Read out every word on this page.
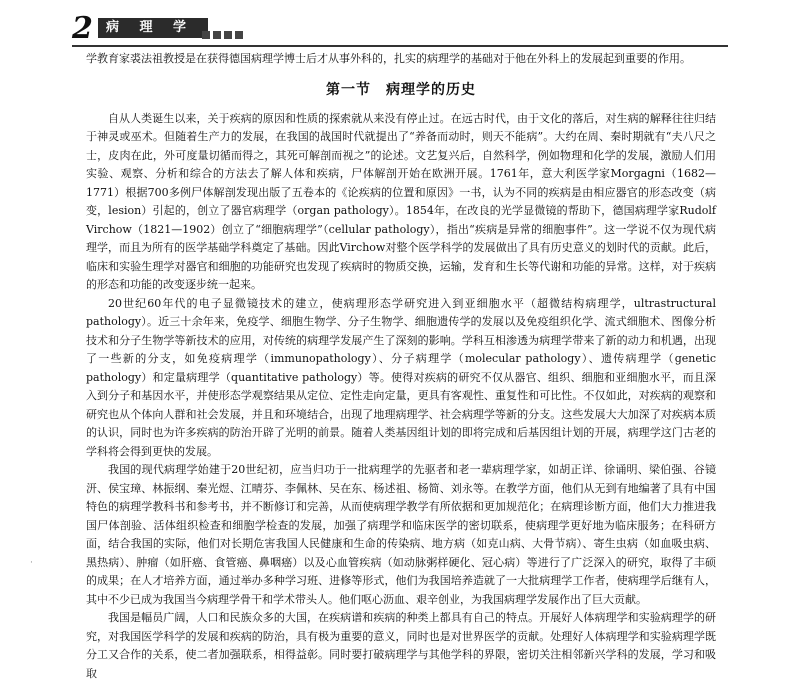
2	病 理 学

学教育家裘法祖教授是在获得德国病理学博士后才从事外科的，扎实的病理学的基础对于他在外科上的发展起到重要的作用。

第一节　病理学的历史

自从人类诞生以来，关于疾病的原因和性质的探索就从来没有停止过。在远古时代，由于文化的落后，对生病的解释往往归结于神灵或巫术。但随着生产力的发展，在我国的战国时代就提出了“养备而动时，则天不能病”。大约在周、秦时期就有“夫八尺之士，皮肉在此，外可度量切循而得之，其死可解剖而视之”的论述。文艺复兴后，自然科学，例如物理和化学的发展，激励人们用实验、观察、分析和综合的方法去了解人体和疾病，尸体解剖开始在欧洲开展。1761年，意大利医学家Morgagni（1682—1771）根据700多例尸体解剖发现出版了五卷本的《论疾病的位置和原因》一书，认为不同的疾病是由相应器官的形态改变（病变，lesion）引起的，创立了器官病理学（organ pathology）。1854年，在改良的光学显微镜的帮助下，德国病理学家Rudolf Virchow（1821—1902）创立了“细胞病理学”（cellular pathology），指出“疾病是异常的细胞事件”。这一学说不仅为现代病理学，而且为所有的医学基础学科奠定了基础。因此Virchow对整个医学科学的发展做出了具有历史意义的划时代的贡献。此后，临床和实验生理学对器官和细胞的功能研究也发现了疾病时的物质交换，运输，发育和生长等代谢和功能的异常。这样，对于疾病的形态和功能的改变逐步统一起来。

20世纪60年代的电子显微镜技术的建立，使病理形态学研究进入到亚细胞水平（超微结构病理学，ultrastructural pathology）。近三十余年来，免疫学、细胞生物学、分子生物学、细胞遗传学的发展以及免疫组织化学、流式细胞术、图像分析技术和分子生物学等新技术的应用，对传统的病理学发展产生了深刻的影响。学科互相渗透为病理学带来了新的动力和机遇，出现了一些新的分支，如免疫病理学（immunopathology）、分子病理学（molecular pathology）、遗传病理学（genetic pathology）和定量病理学（quantitative pathology）等。使得对疾病的研究不仅从器官、组织、细胞和亚细胞水平，而且深入到分子和基因水平，并使形态学观察结果从定位、定性走向定量，更具有客观性、重复性和可比性。不仅如此，对疾病的观察和研究也从个体向人群和社会发展，并且和环境结合，出现了地理病理学、社会病理学等新的分支。这些发展大大加深了对疾病本质的认识，同时也为许多疾病的防治开辟了光明的前景。随着人类基因组计划的即将完成和后基因组计划的开展，病理学这门古老的学科将会得到更快的发展。

我国的现代病理学始建于20世纪初，应当归功于一批病理学的先驱者和老一辈病理学家，如胡正详、徐诵明、梁伯强、谷镜汧、侯宝璋、林振纲、秦光煜、江晴芬、李佩林、吴在东、杨述祖、杨简、刘永等。在教学方面，他们从无到有地编著了具有中国特色的病理学教科书和参考书，并不断修订和完善，从而使病理学教学有所依据和更加规范化；在病理诊断方面，他们大力推进我国尸体剖验、活体组织检查和细胞学检查的发展，加强了病理学和临床医学的密切联系，使病理学更好地为临床服务；在科研方面，结合我国的实际，他们对长期危害我国人民健康和生命的传染病、地方病（如克山病、大骨节病）、寄生虫病（如血吸虫病、黑热病）、肿瘤（如肝癌、食管癌、鼻咽癌）以及心血管疾病（如动脉粥样硬化、冠心病）等进行了广泛深入的研究，取得了丰硕的成果；在人才培养方面，通过举办多种学习班、进修等形式，他们为我国培养造就了一大批病理学工作者，使病理学后继有人，其中不少已成为我国当今病理学骨干和学术带头人。他们呕心沥血、艰辛创业，为我国病理学发展作出了巨大贡献。

我国是幅员广阔，人口和民族众多的大国，在疾病谱和疾病的种类上都具有自己的特点。开展好人体病理学和实验病理学的研究，对我国医学科学的发展和疾病的防治，具有极为重要的意义，同时也是对世界医学的贡献。处理好人体病理学和实验病理学既分工又合作的关系，使二者加强联系，相得益彰。同时要打破病理学与其他学科的界限，密切关注相邻新兴学科的发展，学习和吸取

·
